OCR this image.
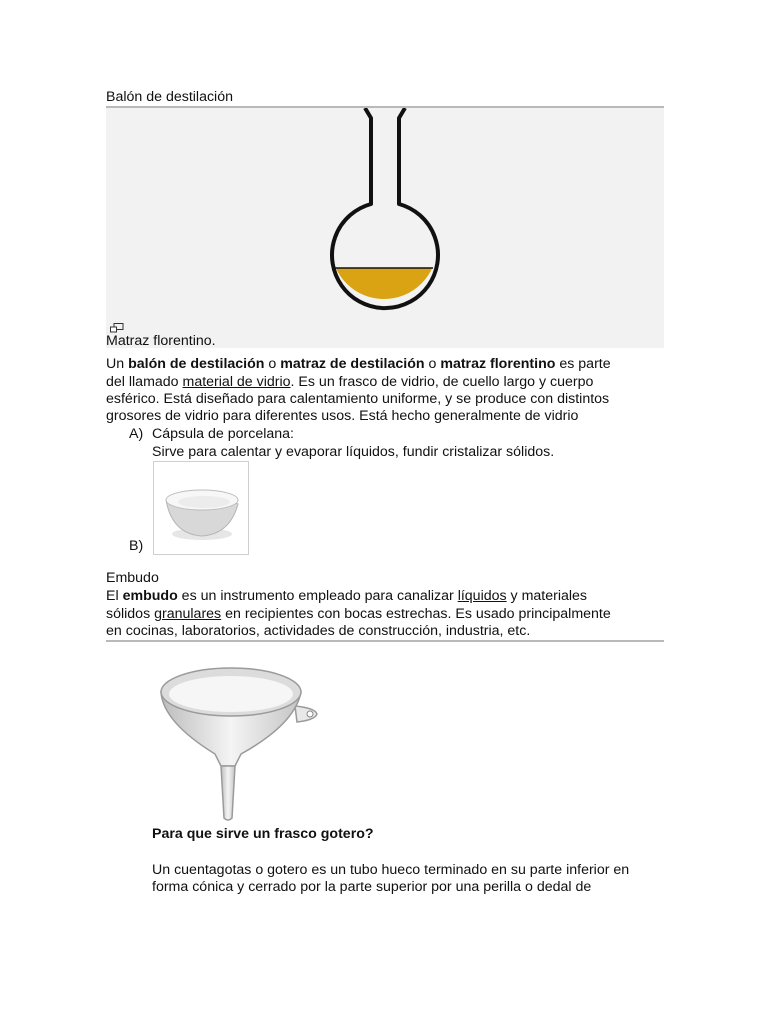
Balón de destilación
Matraz florentino.
Un balón de destilación o matraz de destilación o matraz florentino es parte
del llamado material de vidrio. Es un frasco de vidrio, de cuello largo y cuerpo
esférico. Está diseñado para calentamiento uniforme, y se produce con distintos
grosores de vidrio para diferentes usos. Está hecho generalmente de vidrio
A) Cápsula de porcelana:
Sirve para calentar y evaporar líquidos, fundir cristalizar sólidos.
B)
Embudo
El embudo es un instrumento empleado para canalizar líquidos y materiales
sólidos granulares en recipientes con bocas estrechas. Es usado principalmente
en cocinas, laboratorios, actividades de construcción, industria, etc.
Para que sirve un frasco gotero?
Un cuentagotas o gotero es un tubo hueco terminado en su parte inferior en
forma cónica y cerrado por la parte superior por una perilla o dedal de
